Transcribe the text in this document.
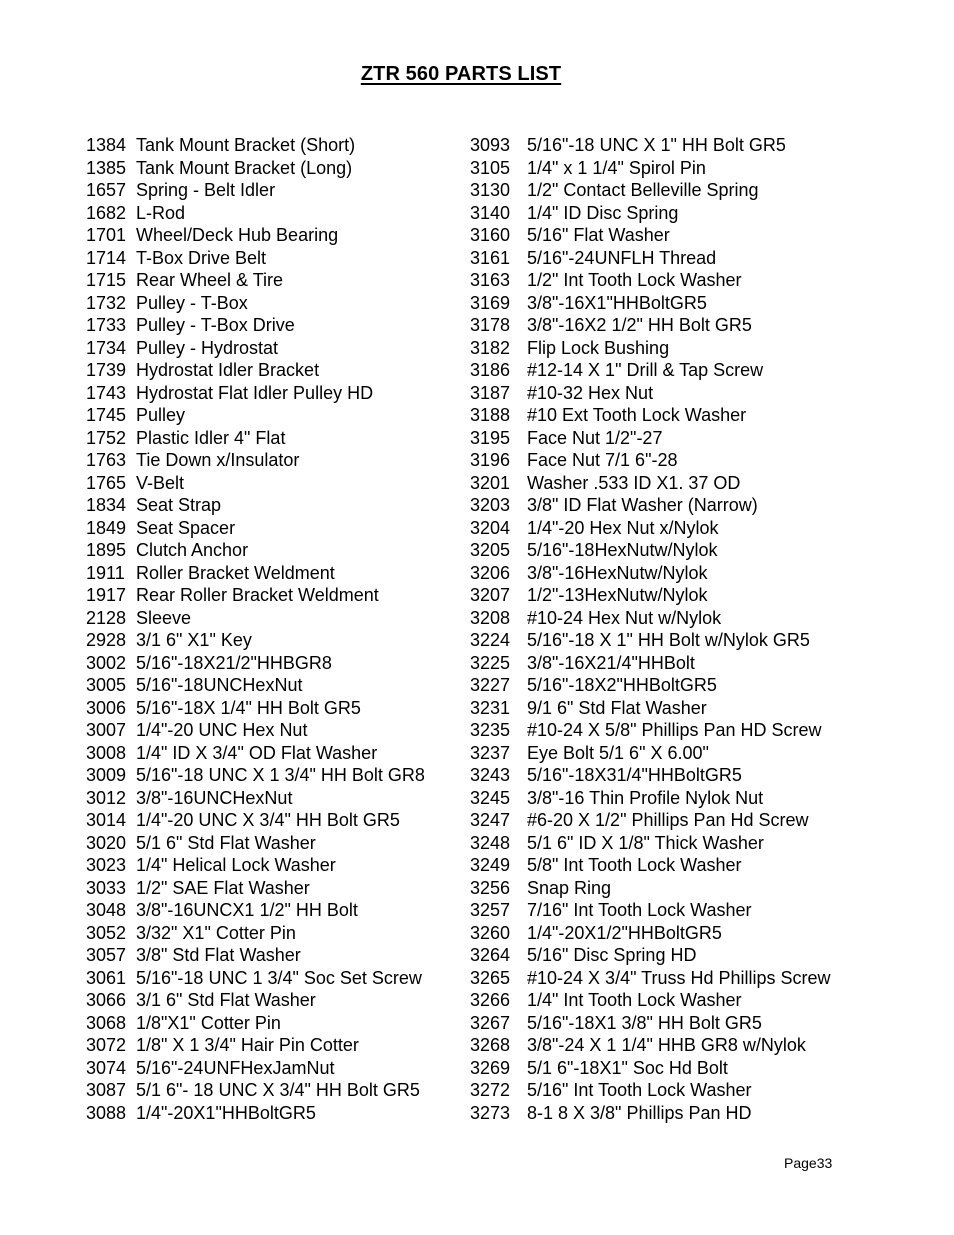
ZTR 560 PARTS LIST
1384 Tank Mount Bracket (Short)
1385 Tank Mount Bracket (Long)
1657 Spring - Belt Idler
1682 L-Rod
1701 Wheel/Deck Hub Bearing
1714 T-Box Drive Belt
1715 Rear Wheel & Tire
1732 Pulley - T-Box
1733 Pulley - T-Box Drive
1734 Pulley - Hydrostat
1739 Hydrostat Idler Bracket
1743 Hydrostat Flat Idler Pulley HD
1745 Pulley
1752 Plastic Idler 4" Flat
1763 Tie Down x/Insulator
1765 V-Belt
1834 Seat Strap
1849 Seat Spacer
1895 Clutch Anchor
1911 Roller Bracket Weldment
1917 Rear Roller Bracket Weldment
2128 Sleeve
2928 3/1 6" X1" Key
3002 5/16"-18X21/2"HHBGR8
3005 5/16"-18UNCHexNut
3006 5/16"-18X 1/4" HH Bolt GR5
3007 1/4"-20 UNC Hex Nut
3008 1/4" ID X 3/4" OD Flat Washer
3009 5/16"-18 UNC X 1 3/4" HH Bolt GR8
3012 3/8"-16UNCHexNut
3014 1/4"-20 UNC X 3/4" HH Bolt GR5
3020 5/1 6" Std Flat Washer
3023 1/4" Helical Lock Washer
3033 1/2" SAE Flat Washer
3048 3/8"-16UNCX1 1/2" HH Bolt
3052 3/32" X1" Cotter Pin
3057 3/8" Std Flat Washer
3061 5/16"-18 UNC 1 3/4" Soc Set Screw
3066 3/1 6" Std Flat Washer
3068 1/8"X1" Cotter Pin
3072 1/8" X 1 3/4" Hair Pin Cotter
3074 5/16"-24UNFHexJamNut
3087 5/1 6"- 18 UNC X 3/4" HH Bolt GR5
3088 1/4"-20X1"HHBoltGR5
3093 5/16"-18 UNC X 1" HH Bolt GR5
3105 1/4" x 1 1/4" Spirol Pin
3130 1/2" Contact Belleville Spring
3140 1/4" ID Disc Spring
3160 5/16" Flat Washer
3161 5/16"-24UNFLH Thread
3163 1/2" Int Tooth Lock Washer
3169 3/8"-16X1"HHBoltGR5
3178 3/8"-16X2 1/2" HH Bolt GR5
3182 Flip Lock Bushing
3186 #12-14 X 1" Drill & Tap Screw
3187 #10-32 Hex Nut
3188 #10 Ext Tooth Lock Washer
3195 Face Nut 1/2"-27
3196 Face Nut 7/1 6"-28
3201 Washer .533 ID X1. 37 OD
3203 3/8" ID Flat Washer (Narrow)
3204 1/4"-20 Hex Nut x/Nylok
3205 5/16"-18HexNutw/Nylok
3206 3/8"-16HexNutw/Nylok
3207 1/2"-13HexNutw/Nylok
3208 #10-24 Hex Nut w/Nylok
3224 5/16"-18 X 1" HH Bolt w/Nylok GR5
3225 3/8"-16X21/4"HHBolt
3227 5/16"-18X2"HHBoltGR5
3231 9/1 6" Std Flat Washer
3235 #10-24 X 5/8" Phillips Pan HD Screw
3237 Eye Bolt 5/1 6" X 6.00"
3243 5/16"-18X31/4"HHBoltGR5
3245 3/8"-16 Thin Profile Nylok Nut
3247 #6-20 X 1/2" Phillips Pan Hd Screw
3248 5/1 6" ID X 1/8" Thick Washer
3249 5/8" Int Tooth Lock Washer
3256 Snap Ring
3257 7/16" Int Tooth Lock Washer
3260 1/4"-20X1/2"HHBoltGR5
3264 5/16" Disc Spring HD
3265 #10-24 X 3/4" Truss Hd Phillips Screw
3266 1/4" Int Tooth Lock Washer
3267 5/16"-18X1 3/8" HH Bolt GR5
3268 3/8"-24 X 1 1/4" HHB GR8 w/Nylok
3269 5/1 6"-18X1" Soc Hd Bolt
3272 5/16" Int Tooth Lock Washer
3273 8-1 8 X 3/8" Phillips Pan HD
Page33
